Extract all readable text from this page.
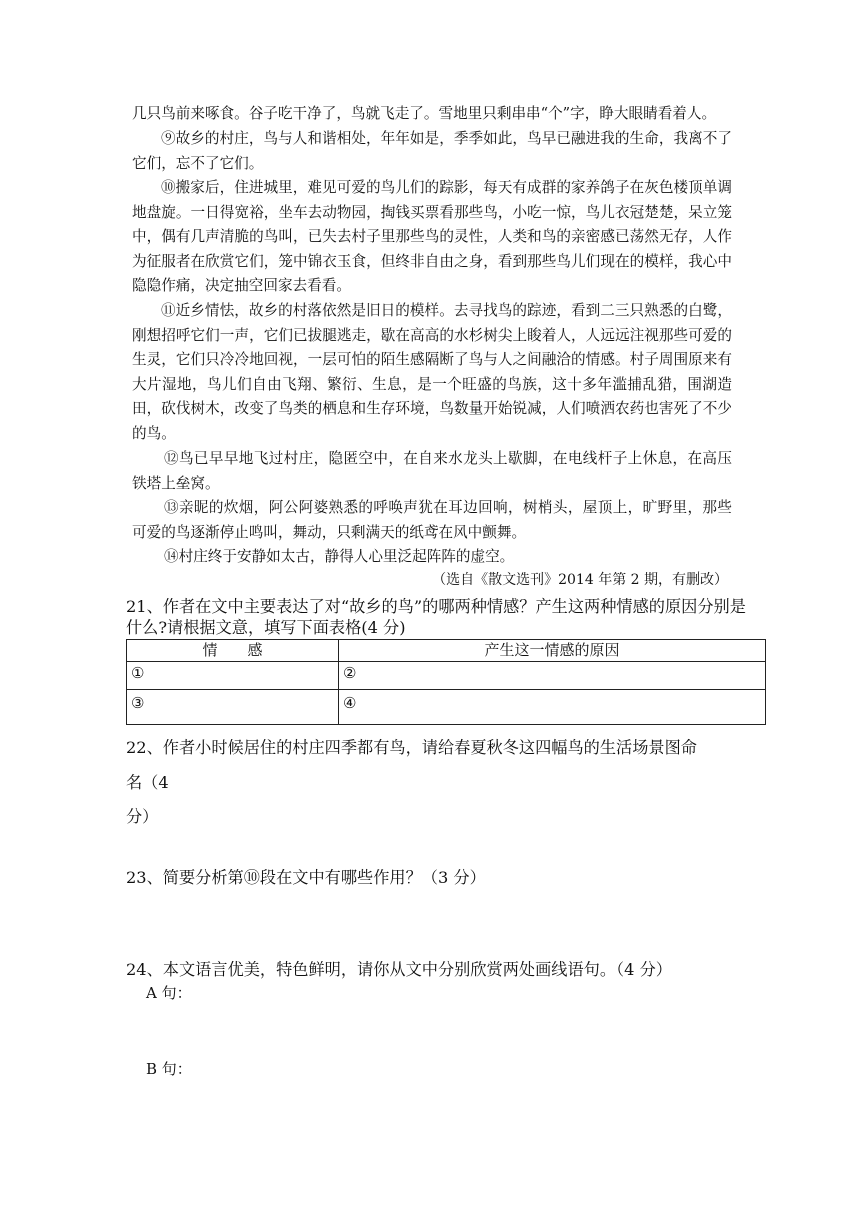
几只鸟前来啄食。谷子吃干净了，鸟就飞走了。雪地里只剩串串“个”字，睁大眼睛看着人。

⑨故乡的村庄，鸟与人和谐相处，年年如是，季季如此，鸟早已融进我的生命，我离不了它们，忘不了它们。

⑩搬家后，住进城里，难见可爱的鸟儿们的踪影，每天有成群的家养鸽子在灰色楼顶单调地盘旋。一日得宽裕，坐车去动物园，掏钱买票看那些鸟，小吃一惊，鸟儿衣冠楚楚，呆立笼中，偶有几声清脆的鸟叫，已失去村子里那些鸟的灵性，人类和鸟的亲密感已荡然无存，人作为征服者在欣赏它们，笼中锦衣玉食，但终非自由之身，看到那些鸟儿们现在的模样，我心中隐隐作痛，决定抽空回家去看看。

⑪近乡情怯，故乡的村落依然是旧日的模样。去寻找鸟的踪迹，看到二三只熟悉的白鹭，刚想招呼它们一声，它们已拔腿逃走，歇在高高的水杉树尖上睃着人，人远远注视那些可爱的生灵，它们只冷冷地回视，一层可怕的陌生感隔断了鸟与人之间融洽的情感。村子周围原来有大片湿地，鸟儿们自由飞翔、繁衍、生息，是一个旺盛的鸟族，这十多年滥捕乱猎，围湖造田，砍伐树木，改变了鸟类的栖息和生存环境，鸟数量开始锐减，人们喷洒农药也害死了不少的鸟。

⑫鸟已早早地飞过村庄，隐匿空中，在自来水龙头上歇脚，在电线杆子上休息，在高压铁塔上垒窝。

⑬亲昵的炊烟，阿公阿婆熟悉的呼唤声犹在耳边回响，树梢头，屋顶上，旷野里，那些可爱的鸟逐渐停止鸣叫，舞动，只剩满天的纸鸢在风中颤舞。

⑭村庄终于安静如太古，静得人心里泛起阵阵的虚空。

（选自《散文选刊》2014 年第 2 期，有删改）

21、作者在文中主要表达了对“故乡的鸟”的哪两种情感？产生这两种情感的原因分别是什么?请根据文意，填写下面表格(4 分)

情　　感	产生这一情感的原因
①	②
③	④
22、作者小时候居住的村庄四季都有鸟，请给春夏秋冬这四幅鸟的生活场景图命
名（4
分）
23、简要分析第⑩段在文中有哪些作用？（3 分）
24、本文语言优美，特色鲜明，请你从文中分别欣赏两处画线语句。（4 分）
A 句：
B 句：
